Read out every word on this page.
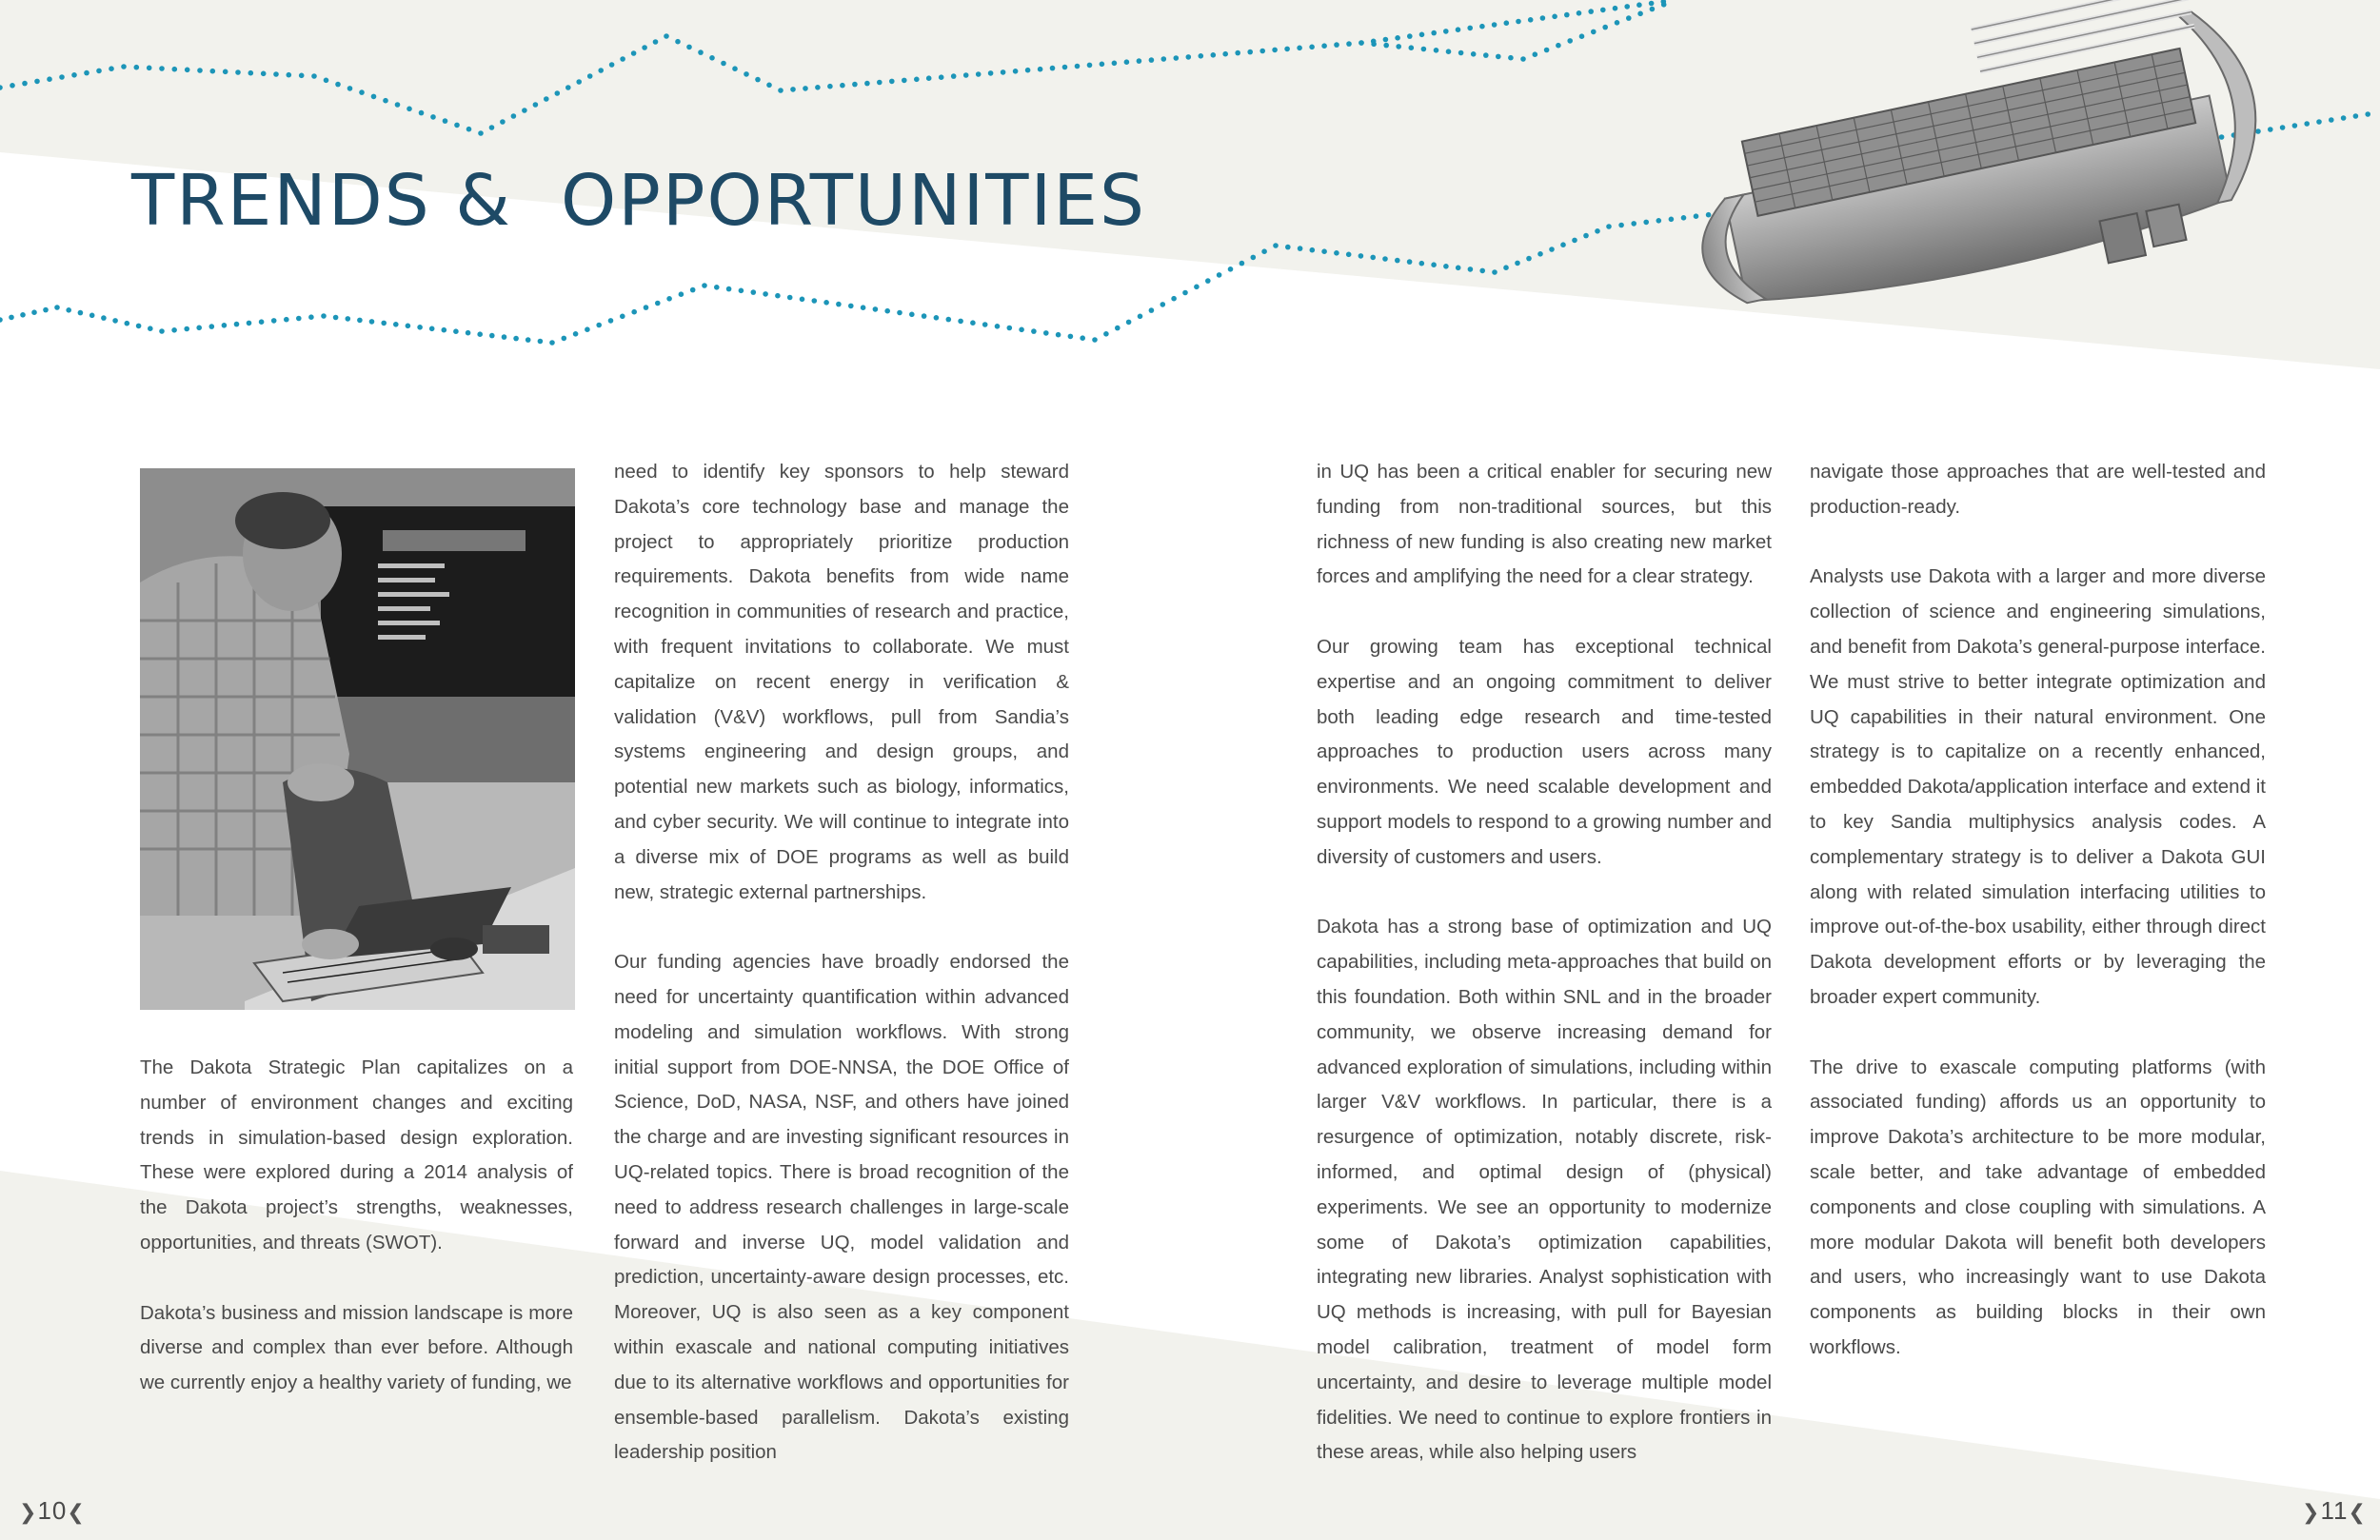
TRENDS &  OPPORTUNITIES

The Dakota Strategic Plan capitalizes on a number of environment changes and exciting trends in simulation-based design exploration. These were explored during a 2014 analysis of the Dakota project’s strengths, weaknesses, opportunities, and threats (SWOT).

Dakota’s business and mission landscape is more diverse and complex than ever before. Although we currently enjoy a healthy variety of funding, we

need to identify key sponsors to help steward Dakota’s core technology base and manage the project to appropriately prioritize production requirements. Dakota benefits from wide name recognition in communities of research and practice, with frequent invitations to collaborate. We must capitalize on recent energy in verification & validation (V&V) workflows, pull from Sandia’s systems engineering and design groups, and potential new markets such as biology, informatics, and cyber security. We will continue to integrate into a diverse mix of DOE programs as well as build new, strategic external partnerships.

Our funding agencies have broadly endorsed the need for uncertainty quantification within advanced modeling and simulation workflows. With strong initial support from DOE-NNSA, the DOE Office of Science, DoD, NASA, NSF, and others have joined the charge and are investing significant resources in UQ-related topics. There is broad recognition of the need to address research challenges in large-scale forward and inverse UQ, model validation and prediction, uncertainty-aware design processes, etc. Moreover, UQ is also seen as a key component within exascale and national computing initiatives due to its alternative workflows and opportunities for ensemble-based parallelism. Dakota’s existing leadership position

in UQ has been a critical enabler for securing new funding from non-traditional sources, but this richness of new funding is also creating new market forces and amplifying the need for a clear strategy.

Our growing team has exceptional technical expertise and an ongoing commitment to deliver both leading edge research and time-tested approaches to production users across many environments. We need scalable development and support models to respond to a growing number and diversity of customers and users.

Dakota has a strong base of optimization and UQ capabilities, including meta-approaches that build on this foundation. Both within SNL and in the broader community, we observe increasing demand for advanced exploration of simulations, including within larger V&V workflows. In particular, there is a resurgence of optimization, notably discrete, risk-informed, and optimal design of (physical) experiments. We see an opportunity to modernize some of Dakota’s optimization capabilities, integrating new libraries. Analyst sophistication with UQ methods is increasing, with pull for Bayesian model calibration, treatment of model form uncertainty, and desire to leverage multiple model fidelities. We need to continue to explore frontiers in these areas, while also helping users

navigate those approaches that are well-tested and production-ready.

Analysts use Dakota with a larger and more diverse collection of science and engineering simulations, and benefit from Dakota’s general-purpose interface. We must strive to better integrate optimization and UQ capabilities in their natural environment. One strategy is to capitalize on a recently enhanced, embedded Dakota/application interface and extend it to key Sandia multiphysics analysis codes. A complementary strategy is to deliver a Dakota GUI along with related simulation interfacing utilities to improve out-of-the-box usability, either through direct Dakota development efforts or by leveraging the broader expert community.

The drive to exascale computing platforms (with associated funding) affords us an opportunity to improve Dakota’s architecture to be more modular, scale better, and take advantage of embedded components and close coupling with simulations. A more modular Dakota will benefit both developers and users, who increasingly want to use Dakota components as building blocks in their own workflows.

❯10❮	❯11❮
